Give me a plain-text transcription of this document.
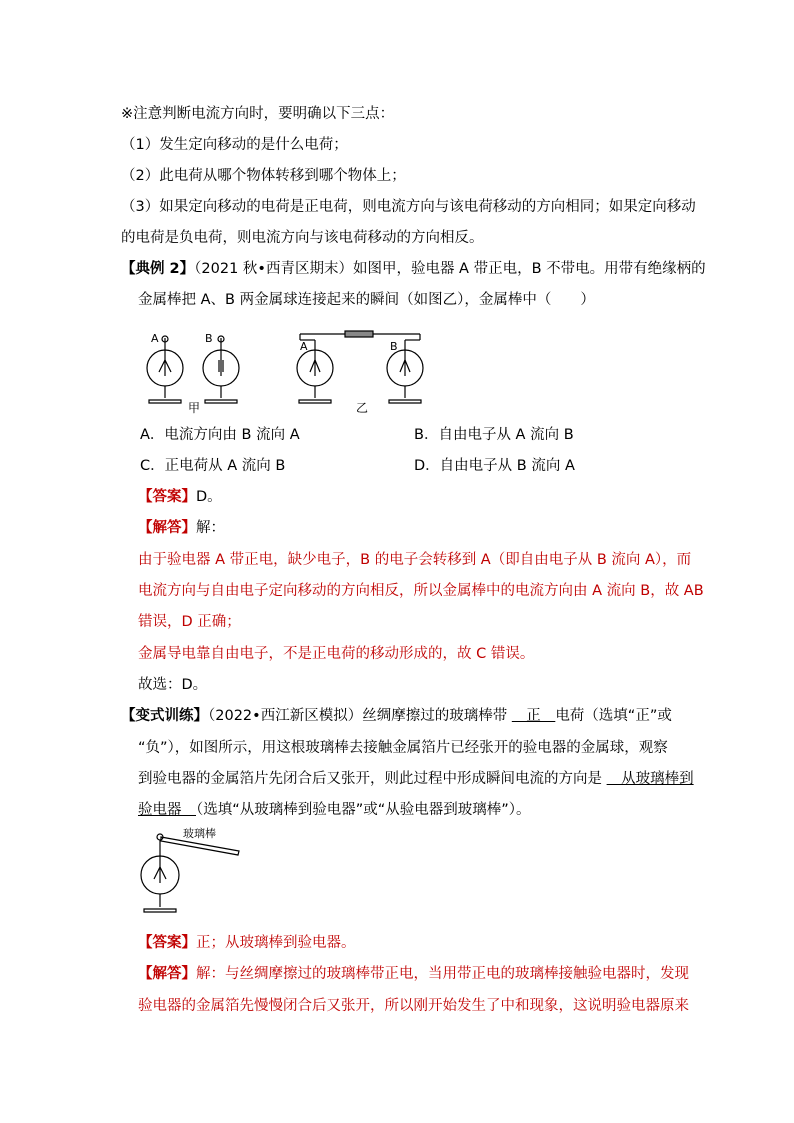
※注意判断电流方向时，要明确以下三点：
（1）发生定向移动的是什么电荷；
（2）此电荷从哪个物体转移到哪个物体上；
（3）如果定向移动的电荷是正电荷，则电流方向与该电荷移动的方向相同；如果定向移动
的电荷是负电荷，则电流方向与该电荷移动的方向相反。
【典例 2】（2021 秋•西青区期末）如图甲，验电器 A 带正电，B 不带电。用带有绝缘柄的
金属棒把 A、B 两金属球连接起来的瞬间（如图乙），金属棒中（　　）
A	B
甲
A	B
乙
A．电流方向由 B 流向 A	B．自由电子从 A 流向 B
C．正电荷从 A 流向 B	D．自由电子从 B 流向 A
【答案】D。
【解答】解：
由于验电器 A 带正电，缺少电子，B 的电子会转移到 A（即自由电子从 B 流向 A），而
电流方向与自由电子定向移动的方向相反，所以金属棒中的电流方向由 A 流向 B，故 AB
错误，D 正确；
金属导电靠自由电子，不是正电荷的移动形成的，故 C 错误。
故选：D。
【变式训练】（2022•西江新区模拟）丝绸摩擦过的玻璃棒带 　正　电荷（选填“正”或
“负”），如图所示，用这根玻璃棒去接触金属箔片已经张开的验电器的金属球，观察
到验电器的金属箔片先闭合后又张开，则此过程中形成瞬间电流的方向是 　从玻璃棒到
验电器　（选填“从玻璃棒到验电器”或“从验电器到玻璃棒”）。
玻璃棒
【答案】正；从玻璃棒到验电器。
【解答】解：与丝绸摩擦过的玻璃棒带正电，当用带正电的玻璃棒接触验电器时，发现
验电器的金属箔先慢慢闭合后又张开，所以刚开始发生了中和现象，这说明验电器原来
